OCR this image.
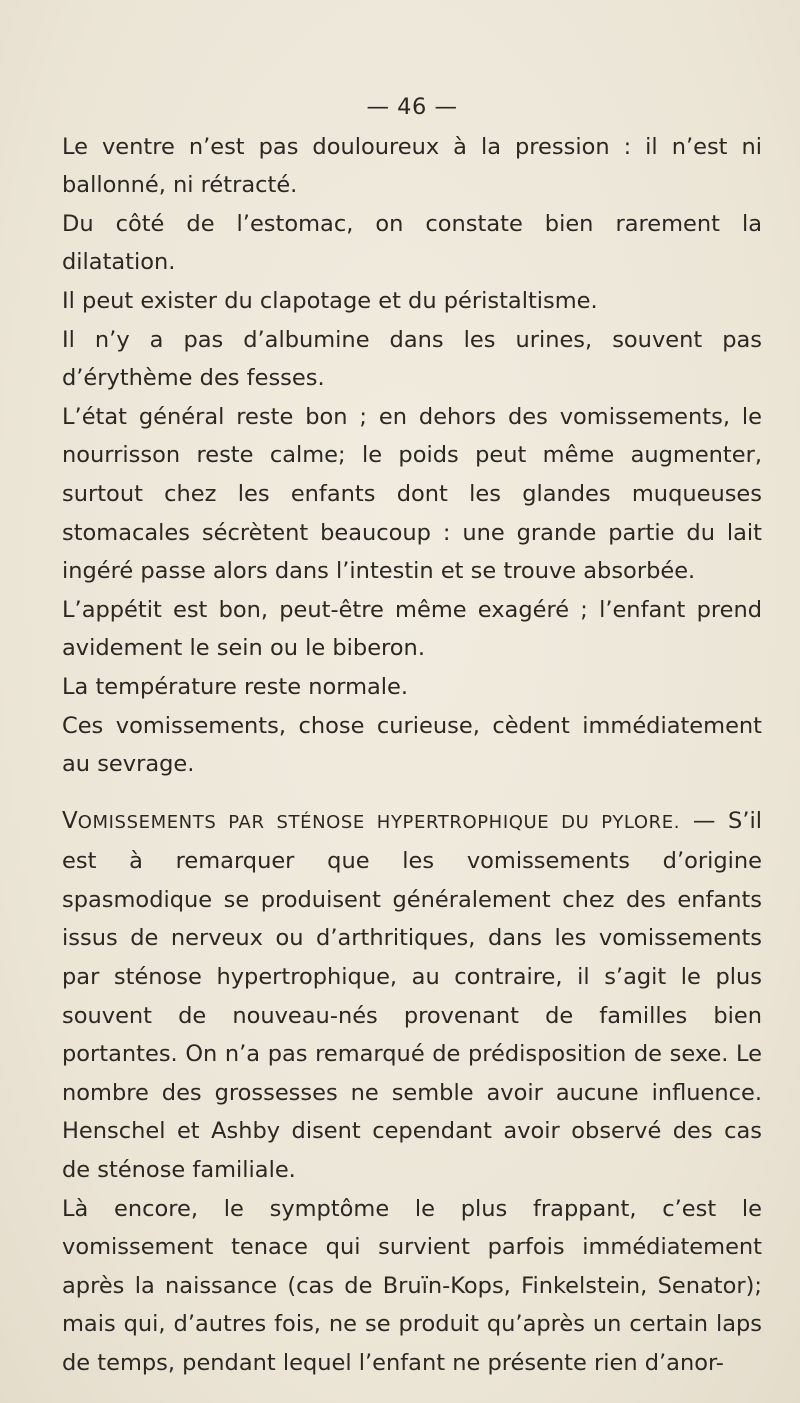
— 46 —

Le ventre n’est pas douloureux à la pression : il n’est ni ballonné, ni rétracté.

Du côté de l’estomac, on constate bien rarement la dilatation.

Il peut exister du clapotage et du péristaltisme.

Il n’y a pas d’albumine dans les urines, souvent pas d’érythème des fesses.

L’état général reste bon ; en dehors des vomissements, le nourrisson reste calme; le poids peut même augmenter, surtout chez les enfants dont les glandes muqueuses stomacales sécrètent beaucoup : une grande partie du lait ingéré passe alors dans l’intestin et se trouve absorbée.

L’appétit est bon, peut-être même exagéré ; l’enfant prend avidement le sein ou le biberon.

La température reste normale.

Ces vomissements, chose curieuse, cèdent immédiatement au sevrage.

VOMISSEMENTS PAR STÉNOSE HYPERTROPHIQUE DU PYLORE. — S’il est à remarquer que les vomissements d’origine spasmodique se produisent généralement chez des enfants issus de nerveux ou d’arthritiques, dans les vomissements par sténose hypertrophique, au contraire, il s’agit le plus souvent de nouveau-nés provenant de familles bien portantes. On n’a pas remarqué de prédisposition de sexe. Le nombre des grossesses ne semble avoir aucune influence. Henschel et Ashby disent cependant avoir observé des cas de sténose familiale.

Là encore, le symptôme le plus frappant, c’est le vomissement tenace qui survient parfois immédiatement après la naissance (cas de Bruïn-Kops, Finkelstein, Senator); mais qui, d’autres fois, ne se produit qu’après un certain laps de temps, pendant lequel l’enfant ne présente rien d’anor-
